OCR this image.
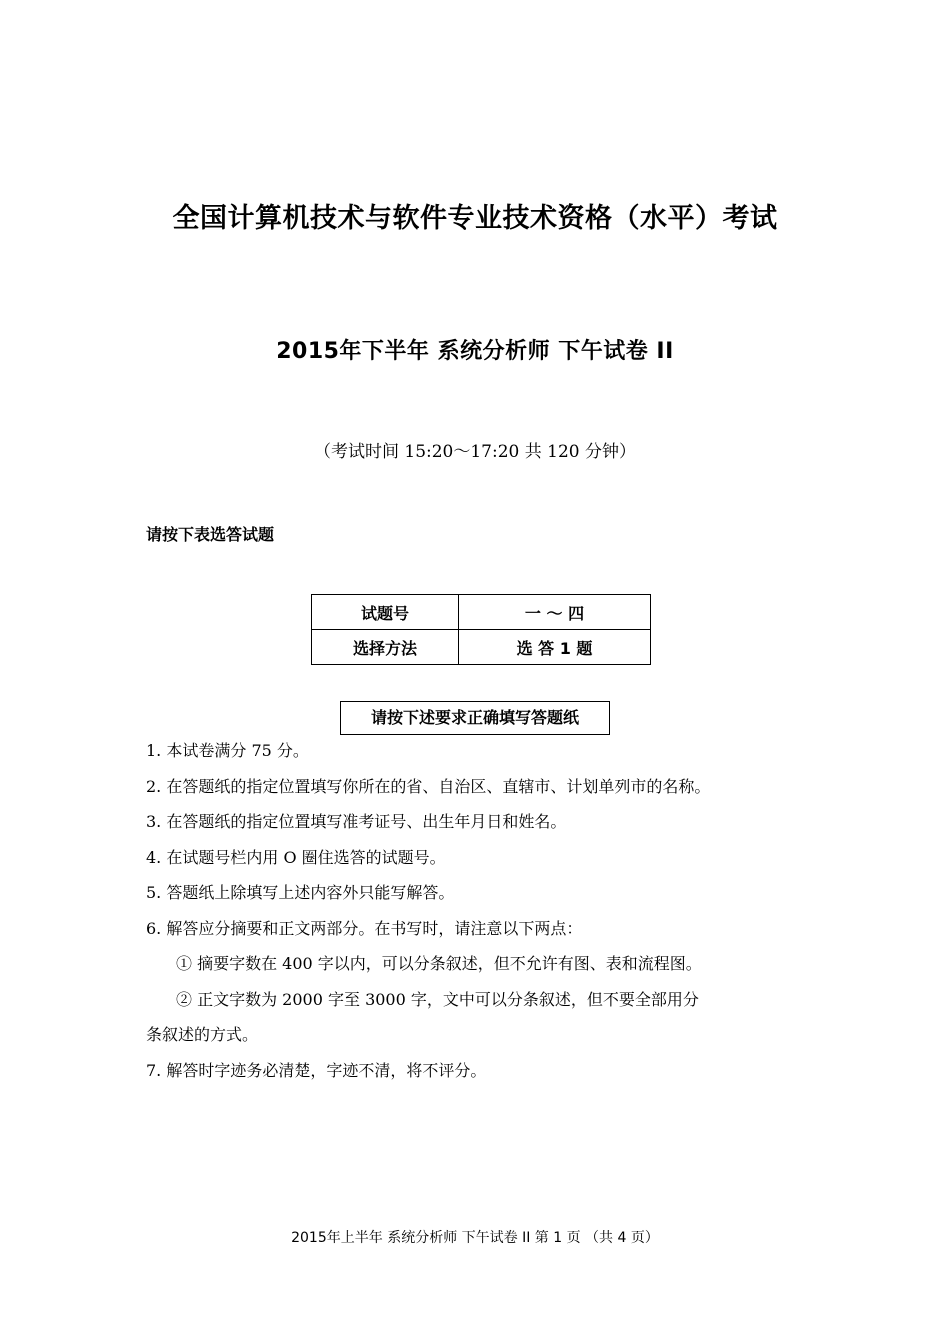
全国计算机技术与软件专业技术资格（水平）考试
2015年下半年 系统分析师 下午试卷 II
（考试时间 15:20～17:20 共 120 分钟）
请按下表选答试题
试题号	一 ～ 四
选择方法	选 答 1 题
请按下述要求正确填写答题纸
1. 本试卷满分 75 分。
2. 在答题纸的指定位置填写你所在的省、自治区、直辖市、计划单列市的名称。
3. 在答题纸的指定位置填写准考证号、出生年月日和姓名。
4. 在试题号栏内用 O 圈住选答的试题号。
5. 答题纸上除填写上述内容外只能写解答。
6. 解答应分摘要和正文两部分。在书写时，请注意以下两点：
① 摘要字数在 400 字以内，可以分条叙述，但不允许有图、表和流程图。
② 正文字数为 2000 字至 3000 字，文中可以分条叙述，但不要全部用分
条叙述的方式。
7. 解答时字迹务必清楚，字迹不清，将不评分。
2015年上半年 系统分析师 下午试卷 II 第 1 页 （共 4 页）
